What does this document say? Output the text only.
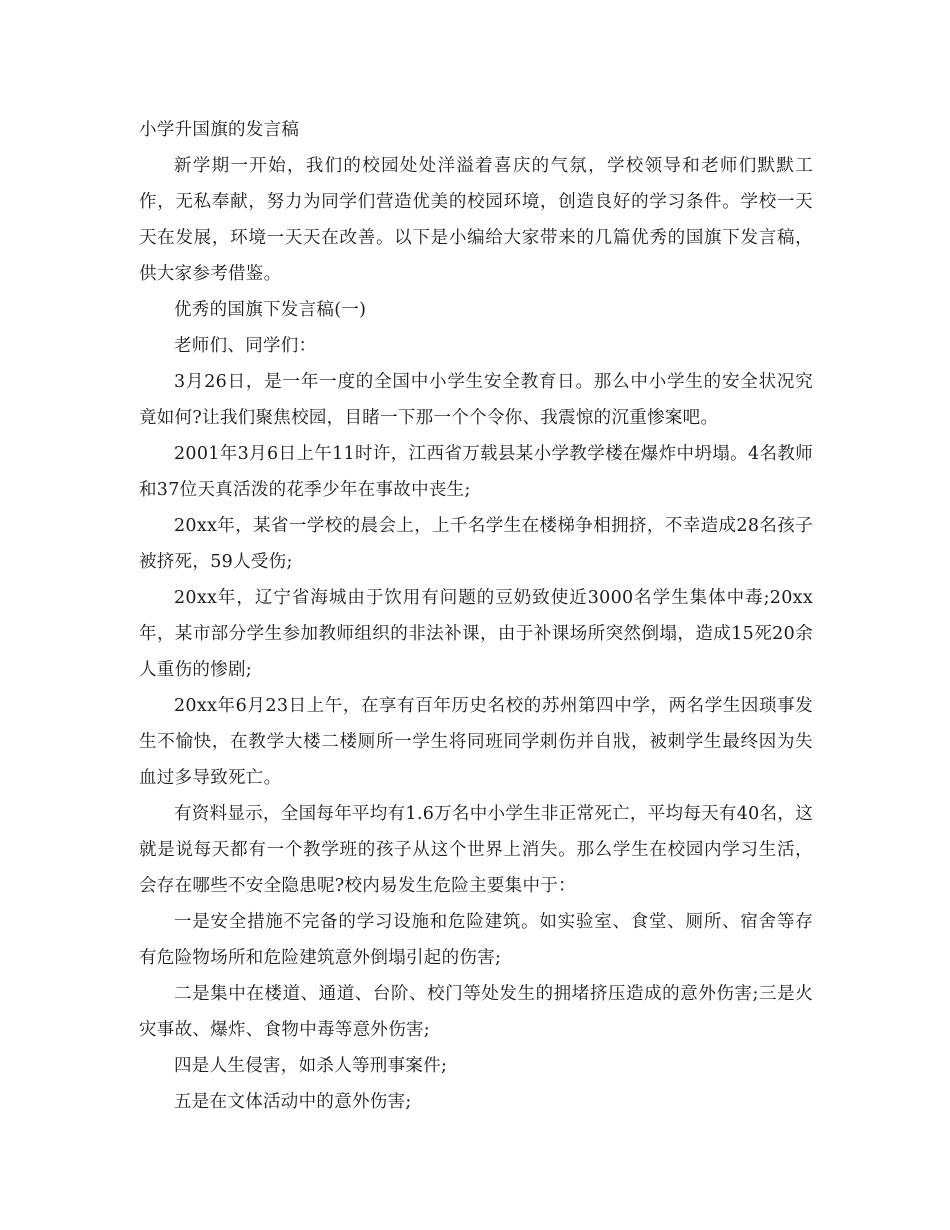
小学升国旗的发言稿

新学期一开始，我们的校园处处洋溢着喜庆的气氛，学校领导和老师们默默工作，无私奉献，努力为同学们营造优美的校园环境，创造良好的学习条件。学校一天天在发展，环境一天天在改善。以下是小编给大家带来的几篇优秀的国旗下发言稿，供大家参考借鉴。

优秀的国旗下发言稿(一)

老师们、同学们：

3月26日，是一年一度的全国中小学生安全教育日。那么中小学生的安全状况究竟如何?让我们聚焦校园，目睹一下那一个个令你、我震惊的沉重惨案吧。

2001年3月6日上午11时许，江西省万载县某小学教学楼在爆炸中坍塌。4名教师和37位天真活泼的花季少年在事故中丧生;

20xx年，某省一学校的晨会上，上千名学生在楼梯争相拥挤，不幸造成28名孩子被挤死，59人受伤;

20xx年，辽宁省海城由于饮用有问题的豆奶致使近3000名学生集体中毒;20xx年，某市部分学生参加教师组织的非法补课，由于补课场所突然倒塌，造成15死20余人重伤的惨剧;

20xx年6月23日上午，在享有百年历史名校的苏州第四中学，两名学生因琐事发生不愉快，在教学大楼二楼厕所一学生将同班同学刺伤并自戕，被刺学生最终因为失血过多导致死亡。

有资料显示，全国每年平均有1.6万名中小学生非正常死亡，平均每天有40名，这就是说每天都有一个教学班的孩子从这个世界上消失。那么学生在校园内学习生活，会存在哪些不安全隐患呢?校内易发生危险主要集中于：

一是安全措施不完备的学习设施和危险建筑。如实验室、食堂、厕所、宿舍等存有危险物场所和危险建筑意外倒塌引起的伤害;

二是集中在楼道、通道、台阶、校门等处发生的拥堵挤压造成的意外伤害;三是火灾事故、爆炸、食物中毒等意外伤害;

四是人生侵害，如杀人等刑事案件;

五是在文体活动中的意外伤害;
